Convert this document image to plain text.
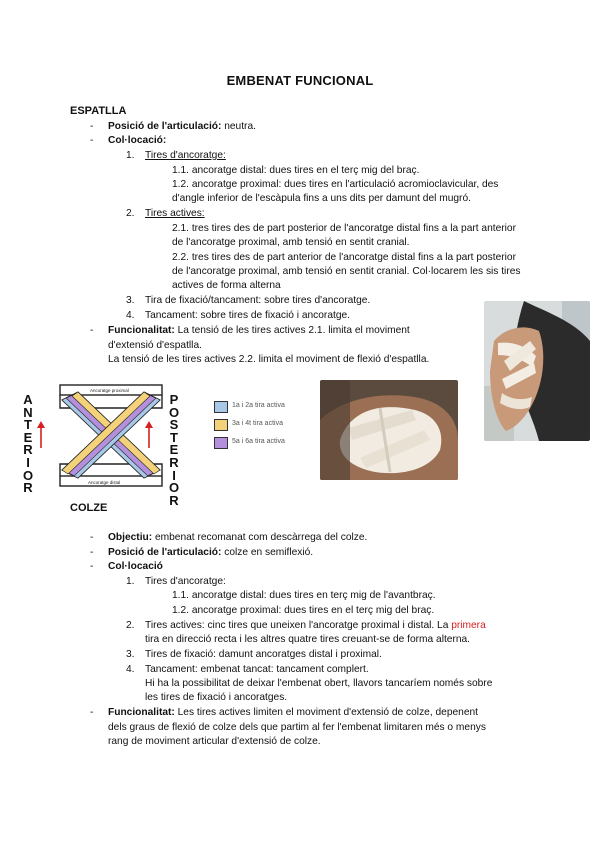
EMBENAT FUNCIONAL
ESPATLLA
- Posició de l'articulació: neutra.
- Col·locació:
1. Tires d'ancoratge:
1.1. ancoratge distal: dues tires en el terç mig del braç.
1.2. ancoratge proximal: dues tires en l'articulació acromioclavicular, des
d'angle inferior de l'escàpula fins a uns dits per damunt del mugró.
2. Tires actives:
2.1. tres tires des de part posterior de l'ancoratge distal fins a la part anterior
de l'ancoratge proximal, amb tensió en sentit cranial.
2.2. tres tires des de part anterior de l'ancoratge distal fins a la part posterior
de l'ancoratge proximal, amb tensió en sentit cranial. Col·locarem les sis tires
actives de forma alterna
3. Tira de fixació/tancament: sobre tires d'ancoratge.
4. Tancament: sobre tires de fixació i ancoratge.
- Funcionalitat: La tensió de les tires actives 2.1. limita el moviment
d'extensió d'espatlla.
La tensió de les tires actives 2.2. limita el moviment de flexió d'espatlla.
A
N
T
E
R
I
O
R
P
O
S
T
E
R
I
O
R
Ancoratge proximal
Ancoratge distal
1a i 2a tira activa
3a i 4t tira activa
5a i 6a tira activa
COLZE
- Objectiu: embenat recomanat com descàrrega del colze.
- Posició de l'articulació: colze en semiflexió.
- Col·locació
1. Tires d'ancoratge:
1.1. ancoratge distal: dues tires en terç mig de l'avantbraç.
1.2. ancoratge proximal: dues tires en el terç mig del braç.
2. Tires actives: cinc tires que uneixen l'ancoratge proximal i distal. La primera
tira en direcció recta i les altres quatre tires creuant-se de forma alterna.
3. Tires de fixació: damunt ancoratges distal i proximal.
4. Tancament: embenat tancat: tancament complert.
Hi ha la possibilitat de deixar l'embenat obert, llavors tancaríem només sobre
les tires de fixació i ancoratges.
- Funcionalitat: Les tires actives limiten el moviment d'extensió de colze, depenent
dels graus de flexió de colze dels que partim al fer l'embenat limitaren més o menys
rang de moviment articular d'extensió de colze.
